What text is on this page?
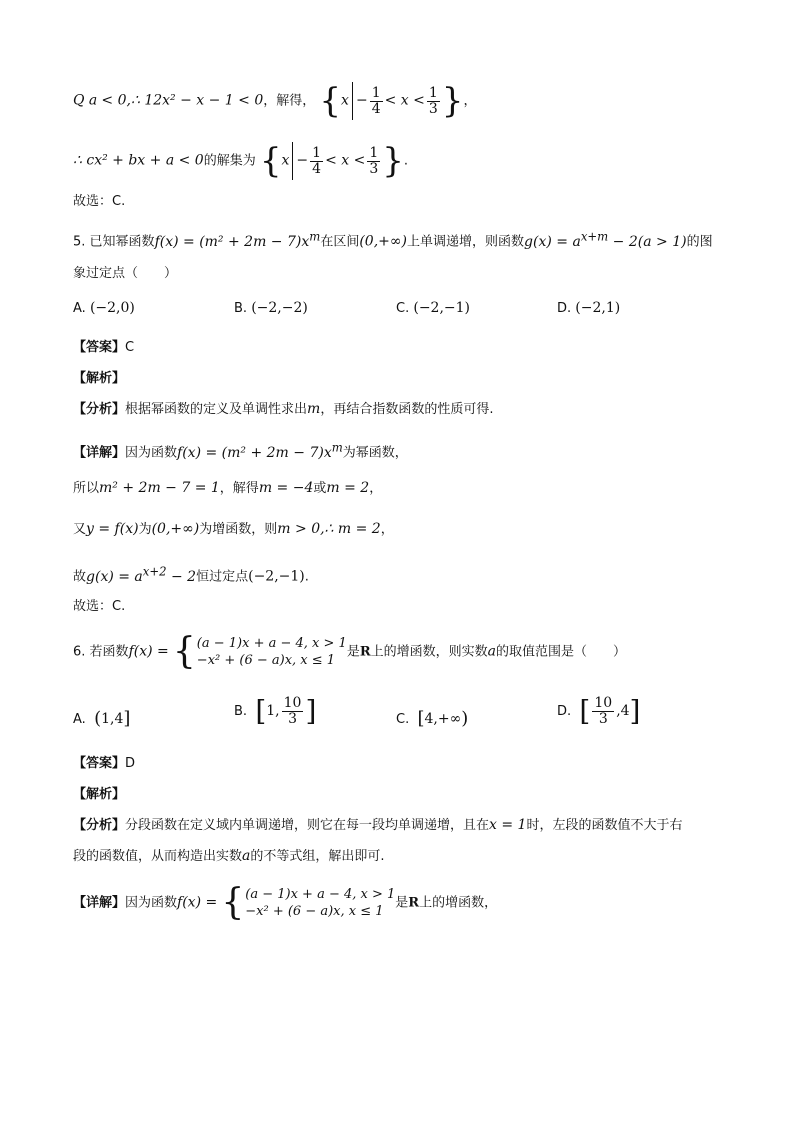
Q a < 0,∴ 12x² − x − 1 < 0，解得， {$x - \frac{1}{4} < x < \frac{1}{3}$ }，
∴ cx² + bx + a < 0的解集为 {$x - \frac{1}{4} < x < \frac{1}{3}$ }.
故选：C.
5. 已知幂函数$f(x) = (m^2 + 2m - 7)x^m$在区间(0,+∞)上单调递增，则函数$g(x) = a^{x+m} - 2(a > 1)$的图
象过定点（　　）
A. (−2,0)	B. (−2,−2)	C. (−2,−1)	D. (−2,1)
【答案】C
【解析】
【分析】根据幂函数的定义及单调性求出m，再结合指数函数的性质可得.
【详解】因为函数$f(x) = (m^2 + 2m - 7)x^m$为幂函数，
所以m² + 2m − 7 = 1，解得m = −4或m = 2，
又y = f(x)为(0,+∞)为增函数，则m > 0,∴ m = 2，
故$g(x) = a^{x+2} - 2$恒过定点(−2,−1).
故选：C.
6. 若函数f(x) = { (a − 1)x + a − 4, x > 1
−x² + (6 − a)x, x ≤ 1
是R上的增函数，则实数a的取值范围是（　　）
A. (1,4]	B. [1, $\frac{10}{3}$ ]	C. [4,+∞)	D. [ $\frac{10}{3} ,4$]
【答案】D
【解析】
【分析】分段函数在定义域内单调递增，则它在每一段均单调递增，且在x = 1时，左段的函数值不大于右
段的函数值，从而构造出实数a的不等式组，解出即可.
【详解】因为函数f(x) = { (a − 1)x + a − 4, x > 1
−x² + (6 − a)x, x ≤ 1
是R上的增函数，
